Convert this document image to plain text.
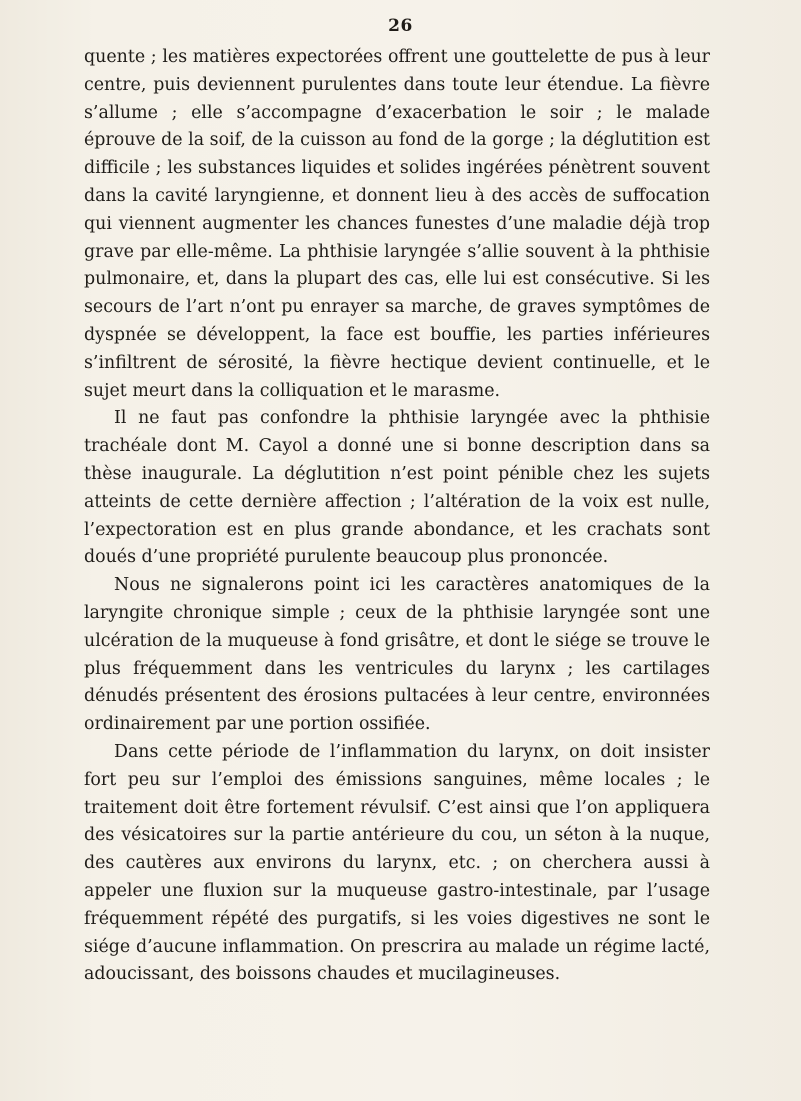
26

quente ; les matières expectorées offrent une gouttelette de pus à leur centre, puis deviennent purulentes dans toute leur étendue. La fièvre s’allume ; elle s’accompagne d’exacerbation le soir ; le malade éprouve de la soif, de la cuisson au fond de la gorge ; la déglutition est difficile ; les substances liquides et solides ingérées pénètrent souvent dans la cavité laryngienne, et donnent lieu à des accès de suffocation qui viennent augmenter les chances funestes d’une maladie déjà trop grave par elle-même. La phthisie laryngée s’allie souvent à la phthisie pulmonaire, et, dans la plupart des cas, elle lui est consécutive. Si les secours de l’art n’ont pu enrayer sa marche, de graves symptômes de dyspnée se développent, la face est bouffie, les parties inférieures s’infiltrent de sérosité, la fièvre hectique devient continuelle, et le sujet meurt dans la colliquation et le marasme.

Il ne faut pas confondre la phthisie laryngée avec la phthisie trachéale dont M. Cayol a donné une si bonne description dans sa thèse inaugurale. La déglutition n’est point pénible chez les sujets atteints de cette dernière affection ; l’altération de la voix est nulle, l’expectoration est en plus grande abondance, et les crachats sont doués d’une propriété purulente beaucoup plus prononcée.

Nous ne signalerons point ici les caractères anatomiques de la laryngite chronique simple ; ceux de la phthisie laryngée sont une ulcération de la muqueuse à fond grisâtre, et dont le siége se trouve le plus fréquemment dans les ventricules du larynx ; les cartilages dénudés présentent des érosions pultacées à leur centre, environnées ordinairement par une portion ossifiée.

Dans cette période de l’inflammation du larynx, on doit insister fort peu sur l’emploi des émissions sanguines, même locales ; le traitement doit être fortement révulsif. C’est ainsi que l’on appliquera des vésicatoires sur la partie antérieure du cou, un séton à la nuque, des cautères aux environs du larynx, etc. ; on cherchera aussi à appeler une fluxion sur la muqueuse gastro-intestinale, par l’usage fréquemment répété des purgatifs, si les voies digestives ne sont le siége d’aucune inflammation. On prescrira au malade un régime lacté, adoucissant, des boissons chaudes et mucilagineuses.
